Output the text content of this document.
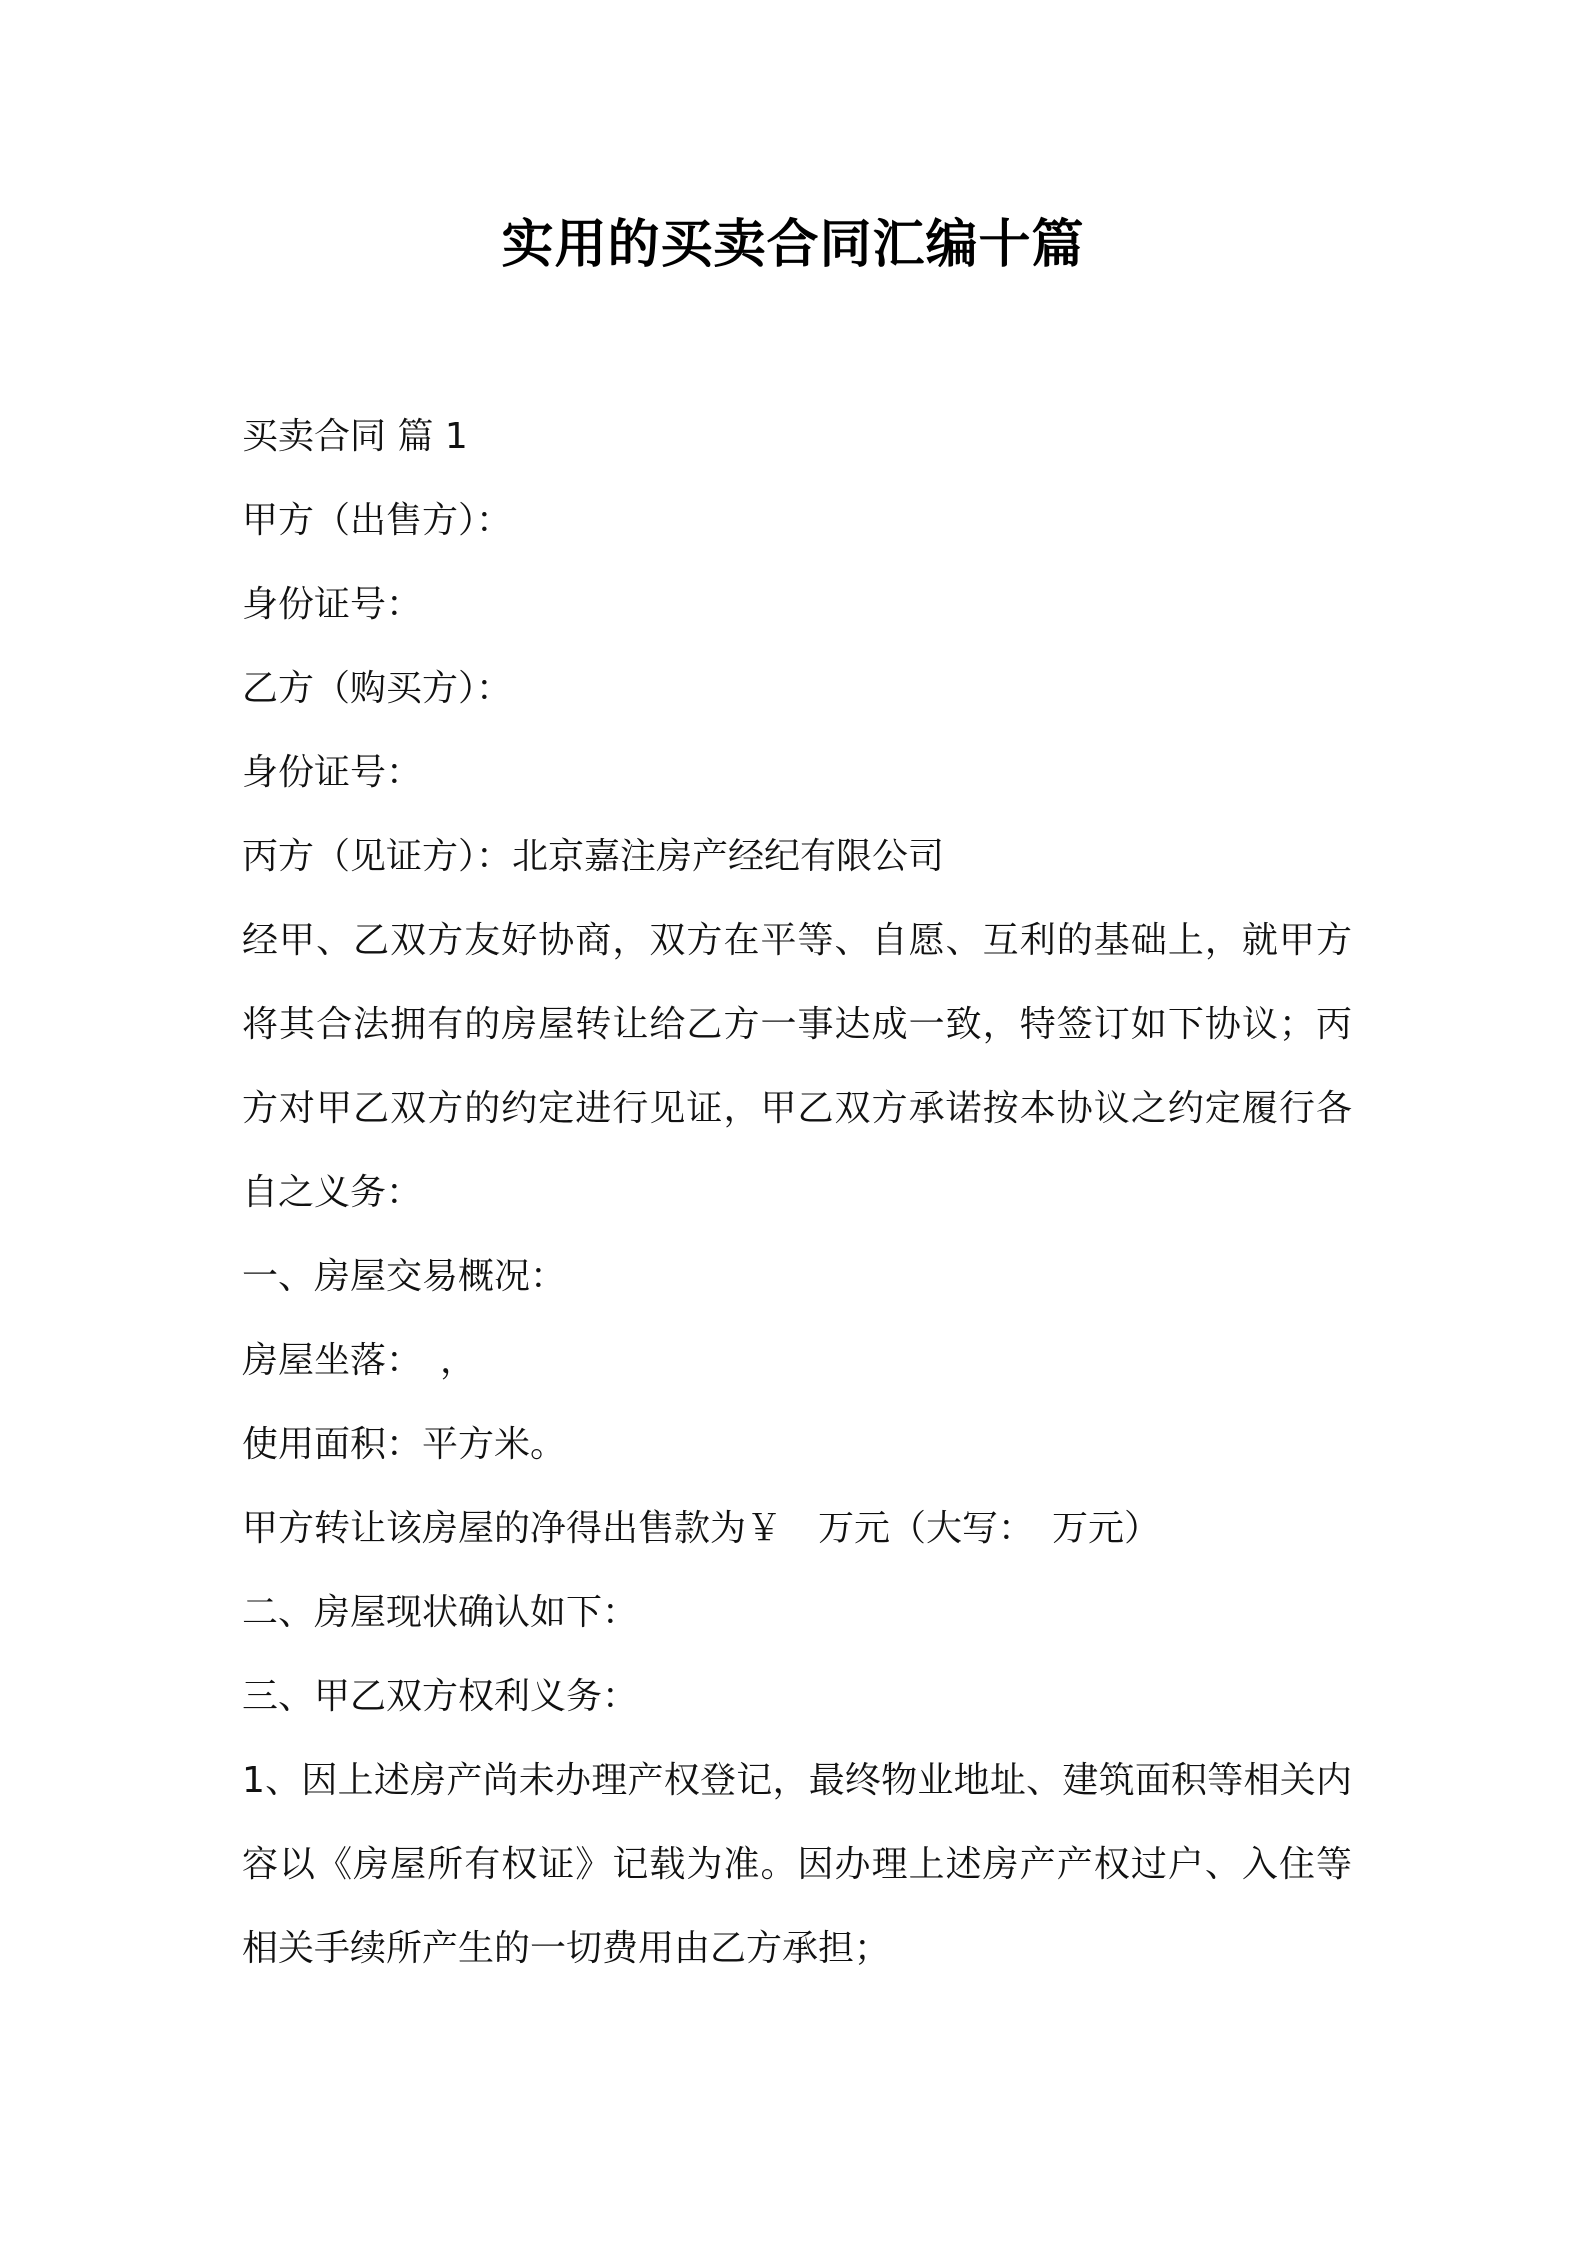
实用的买卖合同汇编十篇
买卖合同 篇 1
甲方（出售方）：
身份证号：
乙方（购买方）：
身份证号：
丙方（见证方）：北京嘉注房产经纪有限公司
经甲、乙双方友好协商，双方在平等、自愿、互利的基础上，就甲方将其合法拥有的房屋转让给乙方一事达成一致，特签订如下协议；丙方对甲乙双方的约定进行见证，甲乙双方承诺按本协议之约定履行各自之义务：
一、房屋交易概况：
房屋坐落：　，
使用面积：平方米。
甲方转让该房屋的净得出售款为￥　万元（大写：　万元）
二、房屋现状确认如下：
三、甲乙双方权利义务：
1、因上述房产尚未办理产权登记，最终物业地址、建筑面积等相关内容以《房屋所有权证》记载为准。因办理上述房产产权过户、入住等相关手续所产生的一切费用由乙方承担；
